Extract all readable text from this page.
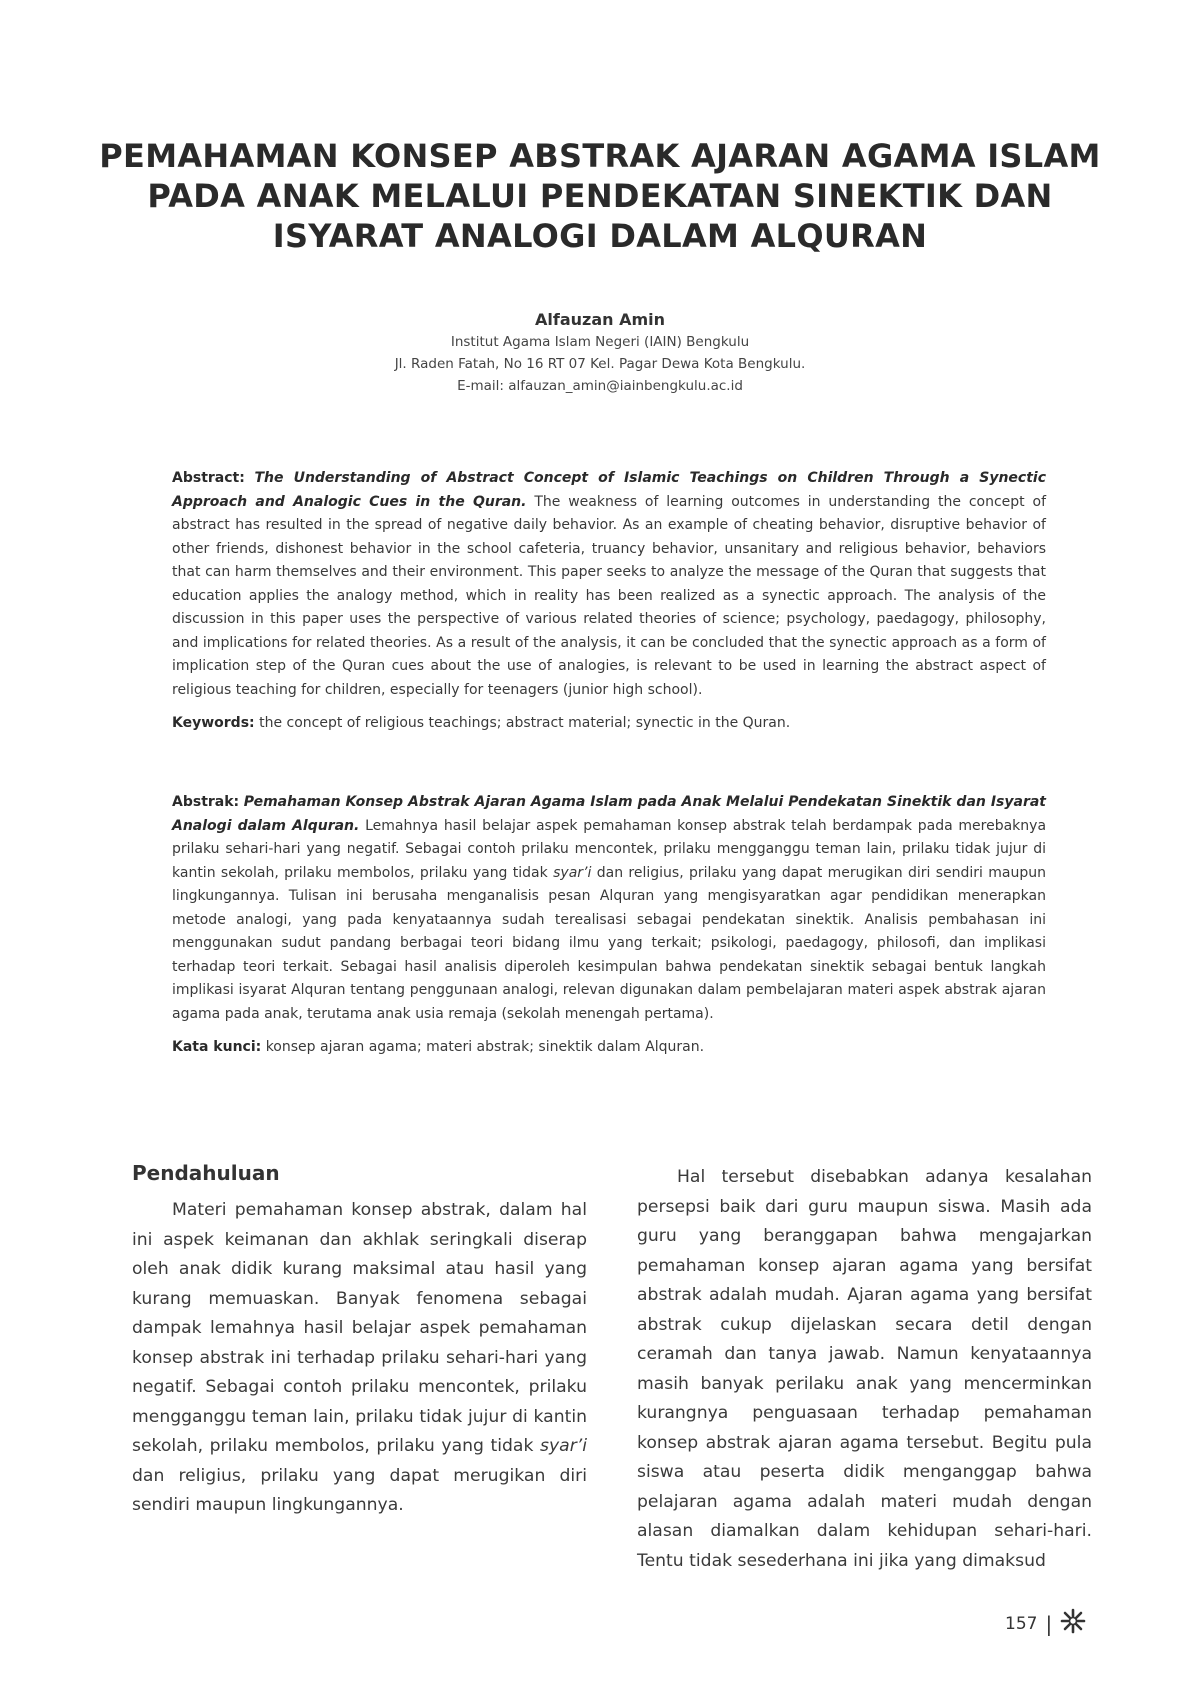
PEMAHAMAN KONSEP ABSTRAK AJARAN AGAMA ISLAM
PADA ANAK MELALUI PENDEKATAN SINEKTIK DAN
ISYARAT ANALOGI DALAM ALQURAN
Alfauzan Amin
Institut Agama Islam Negeri (IAIN) Bengkulu
Jl. Raden Fatah, No 16 RT 07 Kel. Pagar Dewa Kota Bengkulu.
E-mail: alfauzan_amin@iainbengkulu.ac.id
Abstract: The Understanding of Abstract Concept of Islamic Teachings on Children Through a Synectic Approach and Analogic Cues in the Quran. The weakness of learning outcomes in understanding the concept of abstract has resulted in the spread of negative daily behavior. As an example of cheating behavior, disruptive behavior of other friends, dishonest behavior in the school cafeteria, truancy behavior, unsanitary and religious behavior, behaviors that can harm themselves and their environment. This paper seeks to analyze the message of the Quran that suggests that education applies the analogy method, which in reality has been realized as a synectic approach. The analysis of the discussion in this paper uses the perspective of various related theories of science; psychology, paedagogy, philosophy, and implications for related theories. As a result of the analysis, it can be concluded that the synectic approach as a form of implication step of the Quran cues about the use of analogies, is relevant to be used in learning the abstract aspect of religious teaching for children, especially for teenagers (junior high school).
Keywords: the concept of religious teachings; abstract material; synectic in the Quran.
Abstrak: Pemahaman Konsep Abstrak Ajaran Agama Islam pada Anak Melalui Pendekatan Sinektik dan Isyarat Analogi dalam Alquran. Lemahnya hasil belajar aspek pemahaman konsep abstrak telah berdampak pada merebaknya prilaku sehari-hari yang negatif. Sebagai contoh prilaku mencontek, prilaku mengganggu teman lain, prilaku tidak jujur di kantin sekolah, prilaku membolos, prilaku yang tidak syar’i dan religius, prilaku yang dapat merugikan diri sendiri maupun lingkungannya. Tulisan ini berusaha menganalisis pesan Alquran yang mengisyaratkan agar pendidikan menerapkan metode analogi, yang pada kenyataannya sudah terealisasi sebagai pendekatan sinektik. Analisis pembahasan ini menggunakan sudut pandang berbagai teori bidang ilmu yang terkait; psikologi, paedagogy, philosofi, dan implikasi terhadap teori terkait. Sebagai hasil analisis diperoleh kesimpulan bahwa pendekatan sinektik sebagai bentuk langkah implikasi isyarat Alquran tentang penggunaan analogi, relevan digunakan dalam pembelajaran materi aspek abstrak ajaran agama pada anak, terutama anak usia remaja (sekolah menengah pertama).
Kata kunci: konsep ajaran agama; materi abstrak; sinektik dalam Alquran.
Pendahuluan

Materi pemahaman konsep abstrak, dalam hal ini aspek keimanan dan akhlak seringkali diserap oleh anak didik kurang maksimal atau hasil yang kurang memuaskan. Banyak fenomena sebagai dampak lemahnya hasil belajar aspek pemahaman konsep abstrak ini terhadap prilaku sehari-hari yang negatif. Sebagai contoh prilaku mencontek, prilaku mengganggu teman lain, prilaku tidak jujur di kantin sekolah, prilaku membolos, prilaku yang tidak syar’i dan religius, prilaku yang dapat merugikan diri sendiri maupun lingkungannya.

Hal tersebut disebabkan adanya kesalahan persepsi baik dari guru maupun siswa. Masih ada guru yang beranggapan bahwa mengajarkan pemahaman konsep ajaran agama yang bersifat abstrak adalah mudah. Ajaran agama yang bersifat abstrak cukup dijelaskan secara detil dengan ceramah dan tanya jawab. Namun kenyataannya masih banyak perilaku anak yang mencerminkan kurangnya penguasaan terhadap pemahaman konsep abstrak ajaran agama tersebut. Begitu pula siswa atau peserta didik menganggap bahwa pelajaran agama adalah materi mudah dengan alasan diamalkan dalam kehidupan sehari-hari. Tentu tidak sesederhana ini jika yang dimaksud

157 |
